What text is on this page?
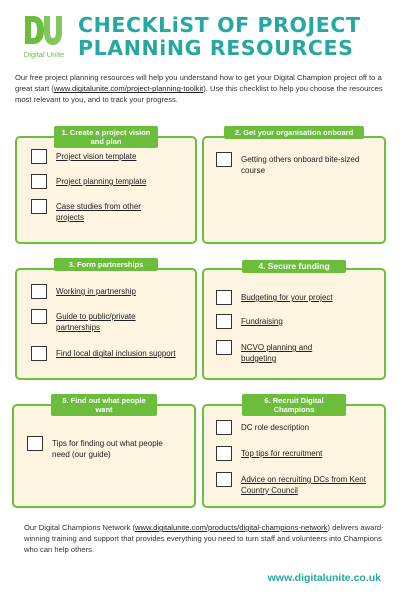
Digital Unite
CHECKLiST OF PROJECT
PLANNiNG RESOURCES
Our free project planning resources will help you understand how to get your Digital Champion project off to a great start (www.digitalunite.com/project-planning-toolkit). Use this checklist to help you choose the resources most relevant to you, and to track your progress.
1. Create a project vision and plan
Project vision template
Project planning template
Case studies from other projects
2. Get your organisation onboard
Getting others onboard bite-sized course
3. Form partnerships
Working in partnership
Guide to public/private partnerships
Find local digital inclusion support
4. Secure funding
Budgeting for your project
Fundraising
NCVO planning and budgeting
5. Find out what people want
Tips for finding out what people need (our guide)
6. Recruit Digital Champions
DC role description
Top tips for recruitment
Advice on recruiting DCs from Kent Country Council
Our Digital Champions Network (www.digitalunite.com/products/digital-champions-network) delivers award-winning training and support that provides everything you need to turn staff and volunteers into Champions who can help others.
www.digitalunite.co.uk
